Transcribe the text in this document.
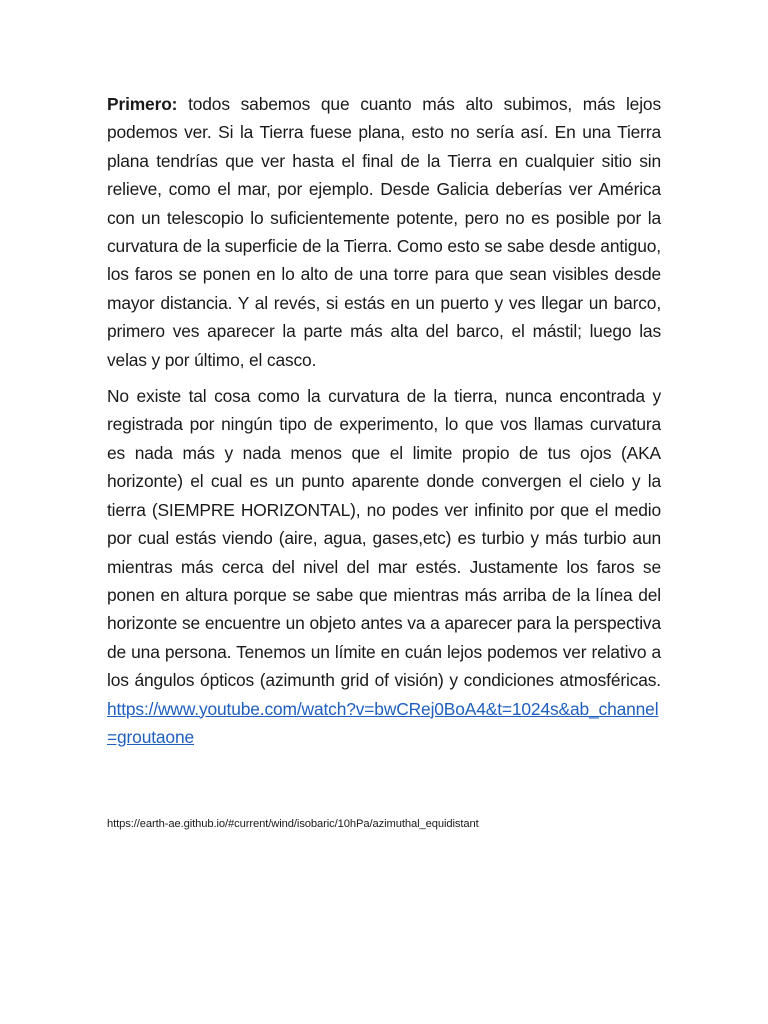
Primero: todos sabemos que cuanto más alto subimos, más lejos podemos ver. Si la Tierra fuese plana, esto no sería así. En una Tierra plana tendrías que ver hasta el final de la Tierra en cualquier sitio sin relieve, como el mar, por ejemplo. Desde Galicia deberías ver América con un telescopio lo suficientemente potente, pero no es posible por la curvatura de la superficie de la Tierra. Como esto se sabe desde antiguo, los faros se ponen en lo alto de una torre para que sean visibles desde mayor distancia. Y al revés, si estás en un puerto y ves llegar un barco, primero ves aparecer la parte más alta del barco, el mástil; luego las velas y por último, el casco.

No existe tal cosa como la curvatura de la tierra, nunca encontrada y registrada por ningún tipo de experimento, lo que vos llamas curvatura es nada más y nada menos que el limite propio de tus ojos (AKA horizonte) el cual es un punto aparente donde convergen el cielo y la tierra (SIEMPRE HORIZONTAL), no podes ver infinito por que el medio por cual estás viendo (aire, agua, gases,etc) es turbio y más turbio aun mientras más cerca del nivel del mar estés. Justamente los faros se ponen en altura porque se sabe que mientras más arriba de la línea del horizonte se encuentre un objeto antes va a aparecer para la perspectiva de una persona. Tenemos un límite en cuán lejos podemos ver relativo a los ángulos ópticos (azimunth grid of visión) y condiciones atmosféricas. https://www.youtube.com/watch?v=bwCRej0BoA4&t=1024s&ab_channel=groutaone

https://earth-ae.github.io/#current/wind/isobaric/10hPa/azimuthal_equidistant
